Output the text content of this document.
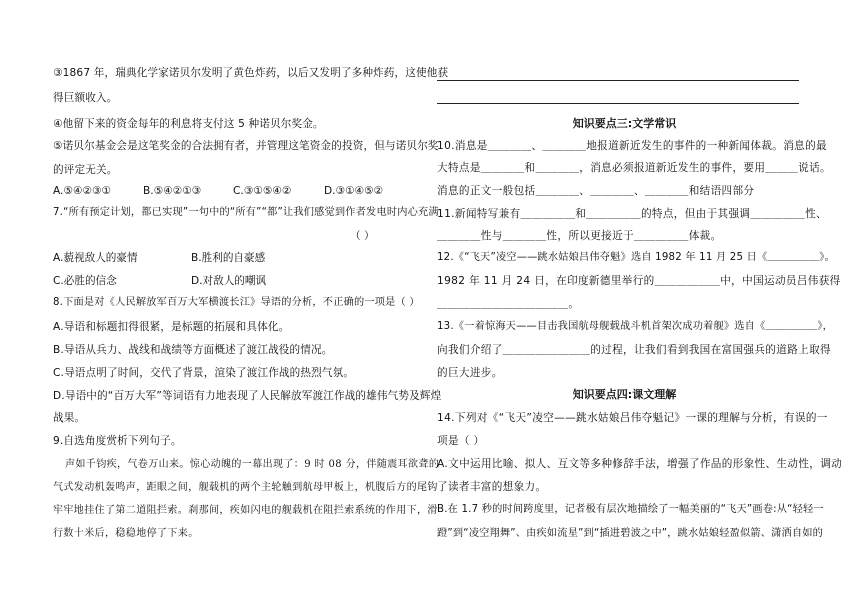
③1867 年，瑞典化学家诺贝尔发明了黄色炸药，以后又发明了多种炸药，这使他获
得巨额收入。
④他留下来的资金每年的利息将支付这 5 种诺贝尔奖金。
⑤诺贝尔基金会是这笔奖金的合法拥有者，并管理这笔资金的投资，但与诺贝尔奖
的评定无关。
A.⑤④②③①	B.⑤④②①③	C.③①⑤④②	D.③①④⑤②
7.“所有预定计划，都已实现”一句中的“所有”“都”让我们感觉到作者发电时内心充满
（ ）
A.藐视敌人的豪情	B.胜利的自豪感
C.必胜的信念	D.对敌人的嘲讽
8.下面是对《人民解放军百万大军横渡长江》导语的分析，不正确的一项是（ ）
A.导语和标题扣得很紧，是标题的拓展和具体化。
B.导语从兵力、战线和战绩等方面概述了渡江战役的情况。
C.导语点明了时间，交代了背景，渲染了渡江作战的热烈气氛。
D.导语中的“百万大军”等词语有力地表现了人民解放军渡江作战的雄伟气势及辉煌
战果。
9.自选角度赏析下列句子。
声如千钧疾，气卷万山来。惊心动魄的一幕出现了：9 时 08 分，伴随震耳欲聋的
气式发动机轰鸣声，距眼之间，舰载机的两个主轮触到航母甲板上，机腹后方的尾钩
牢牢地挂住了第二道阻拦索。刹那间，疾如闪电的舰载机在阻拦索系统的作用下，滑
行数十米后，稳稳地停了下来。
知识要点三:文学常识
10.消息是＿＿＿＿、＿＿＿＿地报道新近发生的事件的一种新闻体裁。消息的最
大特点是＿＿＿＿和＿＿＿＿，消息必须报道新近发生的事件，要用＿＿＿说话。
消息的正文一般包括＿＿＿＿、＿＿＿＿、＿＿＿＿和结语四部分
11.新闻特写兼有＿＿＿＿＿和＿＿＿＿＿的特点，但由于其强调＿＿＿＿＿性、
＿＿＿＿性与＿＿＿＿性，所以更接近于＿＿＿＿＿体裁。
12.《“飞天”凌空——跳水姑娘吕伟夺魁》选自 1982 年 11 月 25 日《＿＿＿＿＿》。
1982 年 11 月 24 日，在印度新德里举行的＿＿＿＿＿＿中，中国运动员吕伟获得
＿＿＿＿＿＿＿＿＿＿＿＿。
13.《一着惊海天——目击我国航母舰载战斗机首架次成功着舰》选自《＿＿＿＿＿》，
向我们介绍了＿＿＿＿＿＿＿＿的过程，让我们看到我国在富国强兵的道路上取得
的巨大进步。
知识要点四:课文理解
14.下列对《“飞天”凌空——跳水姑娘吕伟夺魁记》一课的理解与分析，有误的一
项是（ ）
A.文中运用比喻、拟人、互文等多种修辞手法，增强了作品的形象性、生动性，调动
了读者丰富的想象力。
B.在 1.7 秒的时间跨度里，记者极有层次地描绘了一幅美丽的“飞天”画卷:从“轻轻一
蹬”到“凌空翔舞”、由疾如流星”到“插进碧波之中”，跳水姑娘轻盈似箭、潇洒自如的
